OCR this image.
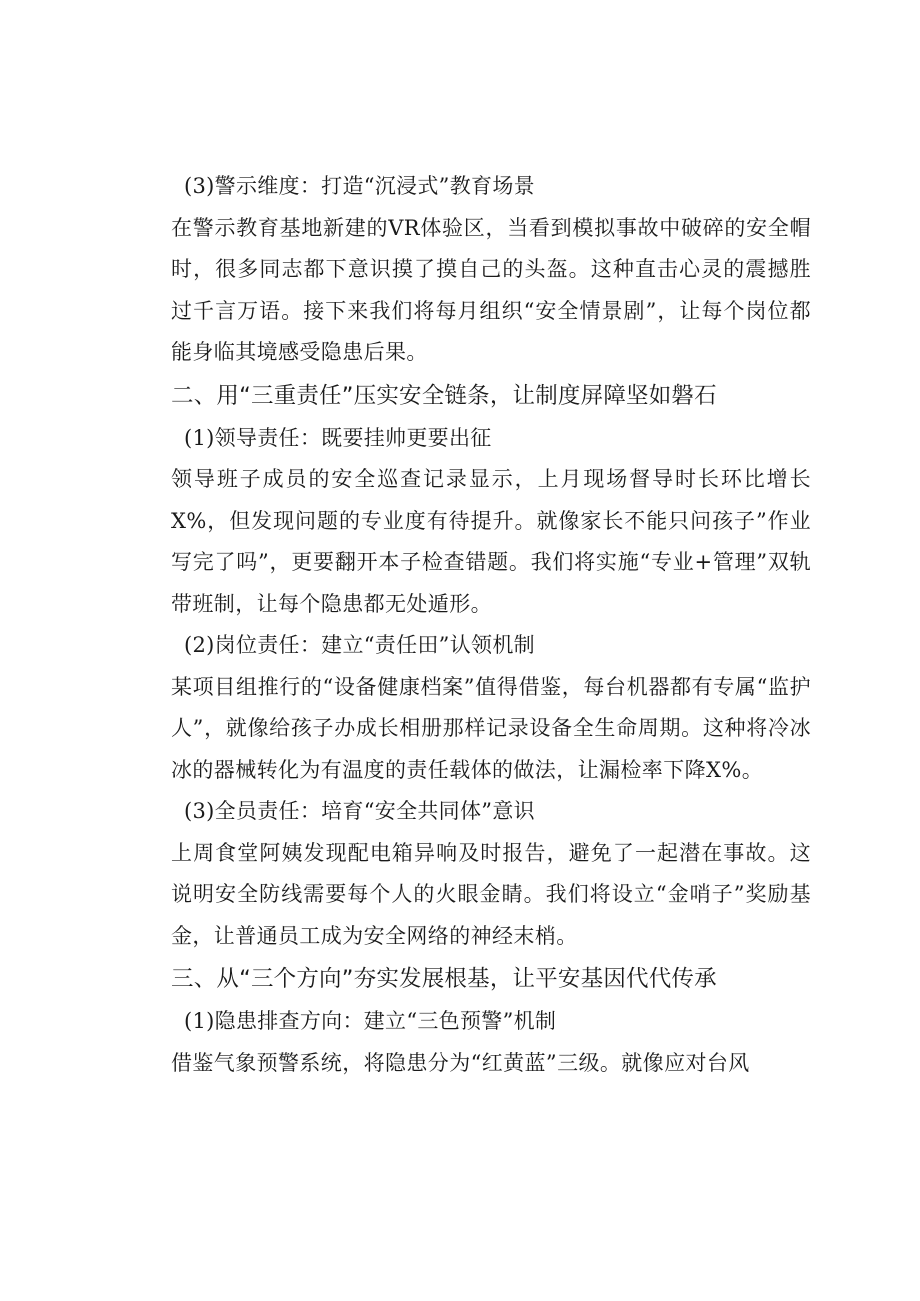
(3)警示维度：打造“沉浸式”教育场景

在警示教育基地新建的VR体验区，当看到模拟事故中破碎的安全帽时，很多同志都下意识摸了摸自己的头盔。这种直击心灵的震撼胜过千言万语。接下来我们将每月组织“安全情景剧”，让每个岗位都能身临其境感受隐患后果。

二、用“三重责任”压实安全链条，让制度屏障坚如磐石

(1)领导责任：既要挂帅更要出征

领导班子成员的安全巡查记录显示，上月现场督导时长环比增长X%，但发现问题的专业度有待提升。就像家长不能只问孩子”作业写完了吗”，更要翻开本子检查错题。我们将实施“专业+管理”双轨带班制，让每个隐患都无处遁形。

(2)岗位责任：建立“责任田”认领机制

某项目组推行的“设备健康档案”值得借鉴，每台机器都有专属“监护人”，就像给孩子办成长相册那样记录设备全生命周期。这种将冷冰冰的器械转化为有温度的责任载体的做法，让漏检率下降X%。

(3)全员责任：培育“安全共同体”意识

上周食堂阿姨发现配电箱异响及时报告，避免了一起潜在事故。这说明安全防线需要每个人的火眼金睛。我们将设立“金哨子”奖励基金，让普通员工成为安全网络的神经末梢。

三、从“三个方向”夯实发展根基，让平安基因代代传承

(1)隐患排查方向：建立“三色预警”机制

借鉴气象预警系统，将隐患分为“红黄蓝”三级。就像应对台风
